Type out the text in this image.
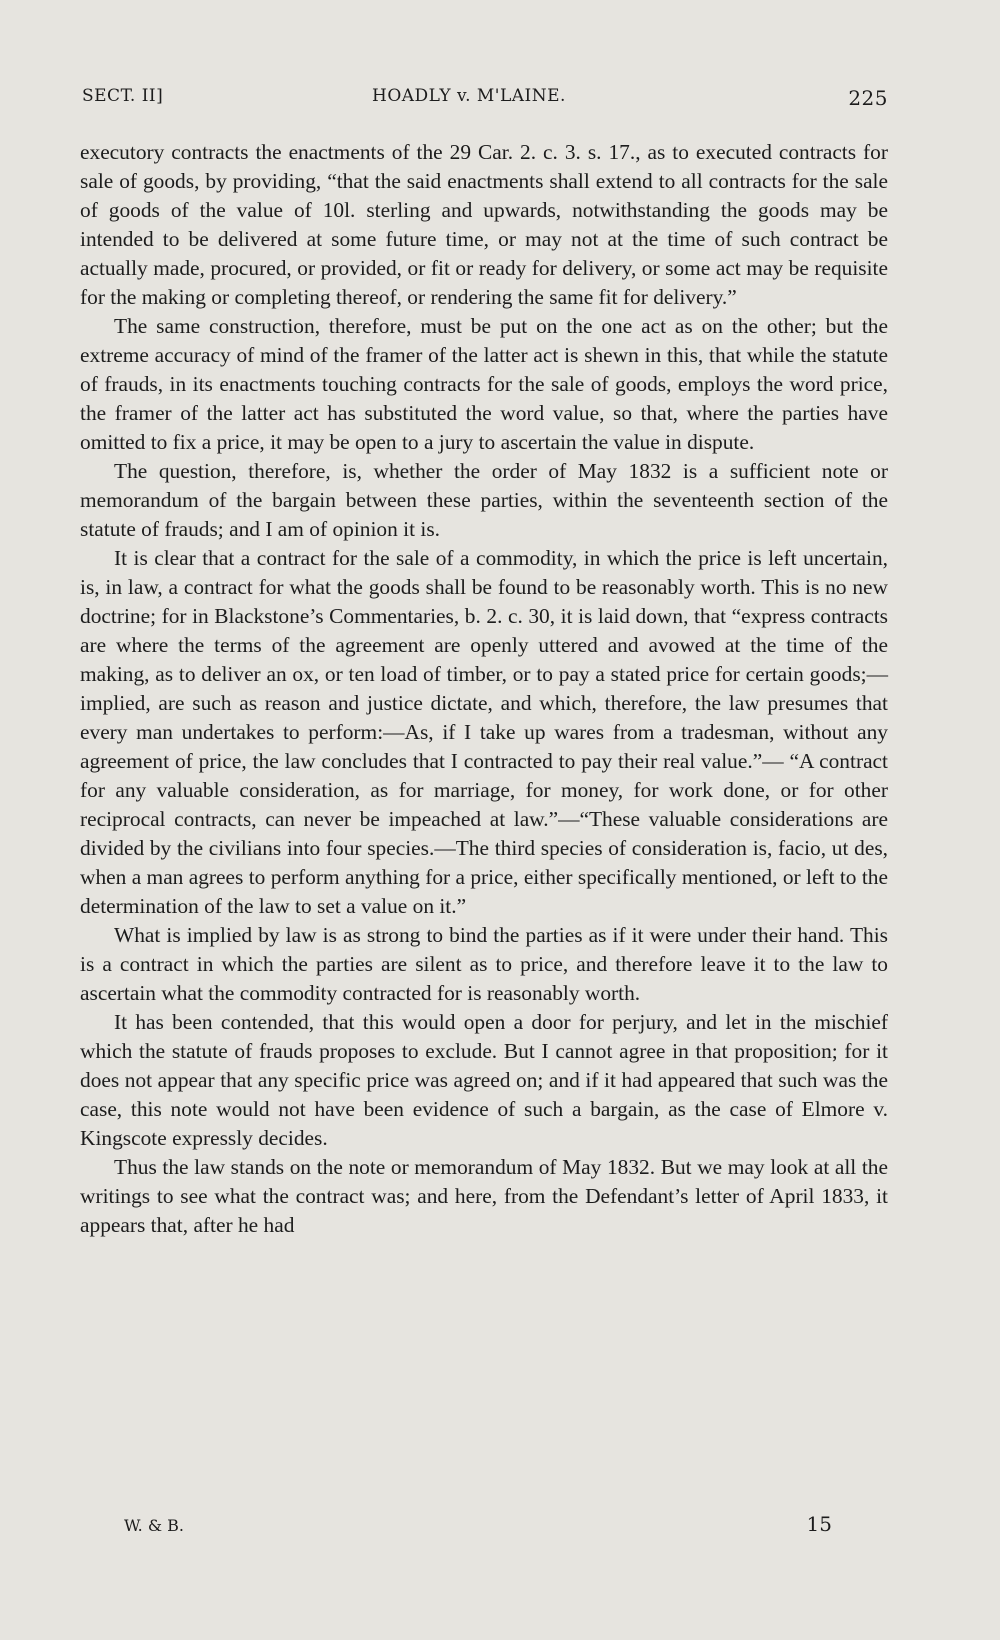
SECT. II]	HOADLY v. M'LAINE.	225

executory contracts the enactments of the 29 Car. 2. c. 3. s. 17., as to executed contracts for sale of goods, by providing, “that the said enactments shall extend to all contracts for the sale of goods of the value of 10l. sterling and upwards, notwithstanding the goods may be intended to be delivered at some future time, or may not at the time of such contract be actually made, procured, or provided, or fit or ready for delivery, or some act may be requisite for the making or completing thereof, or rendering the same fit for delivery.”

The same construction, therefore, must be put on the one act as on the other; but the extreme accuracy of mind of the framer of the latter act is shewn in this, that while the statute of frauds, in its enactments touching contracts for the sale of goods, employs the word price, the framer of the latter act has substituted the word value, so that, where the parties have omitted to fix a price, it may be open to a jury to ascertain the value in dispute.

The question, therefore, is, whether the order of May 1832 is a sufficient note or memorandum of the bargain between these parties, within the seventeenth section of the statute of frauds; and I am of opinion it is.

It is clear that a contract for the sale of a commodity, in which the price is left uncertain, is, in law, a contract for what the goods shall be found to be reasonably worth. This is no new doctrine; for in Blackstone’s Commentaries, b. 2. c. 30, it is laid down, that “express contracts are where the terms of the agreement are openly uttered and avowed at the time of the making, as to deliver an ox, or ten load of timber, or to pay a stated price for certain goods;—implied, are such as reason and justice dictate, and which, therefore, the law presumes that every man undertakes to perform:—As, if I take up wares from a tradesman, without any agreement of price, the law concludes that I contracted to pay their real value.”— “A contract for any valuable consideration, as for marriage, for money, for work done, or for other reciprocal contracts, can never be impeached at law.”—“These valuable considerations are divided by the civilians into four species.—The third species of consideration is, facio, ut des, when a man agrees to perform anything for a price, either specifically mentioned, or left to the determination of the law to set a value on it.”

What is implied by law is as strong to bind the parties as if it were under their hand. This is a contract in which the parties are silent as to price, and therefore leave it to the law to ascertain what the commodity contracted for is reasonably worth.

It has been contended, that this would open a door for perjury, and let in the mischief which the statute of frauds proposes to exclude. But I cannot agree in that proposition; for it does not appear that any specific price was agreed on; and if it had appeared that such was the case, this note would not have been evidence of such a bargain, as the case of Elmore v. Kingscote expressly decides.

Thus the law stands on the note or memorandum of May 1832. But we may look at all the writings to see what the contract was; and here, from the Defendant’s letter of April 1833, it appears that, after he had

W. & B.	15
